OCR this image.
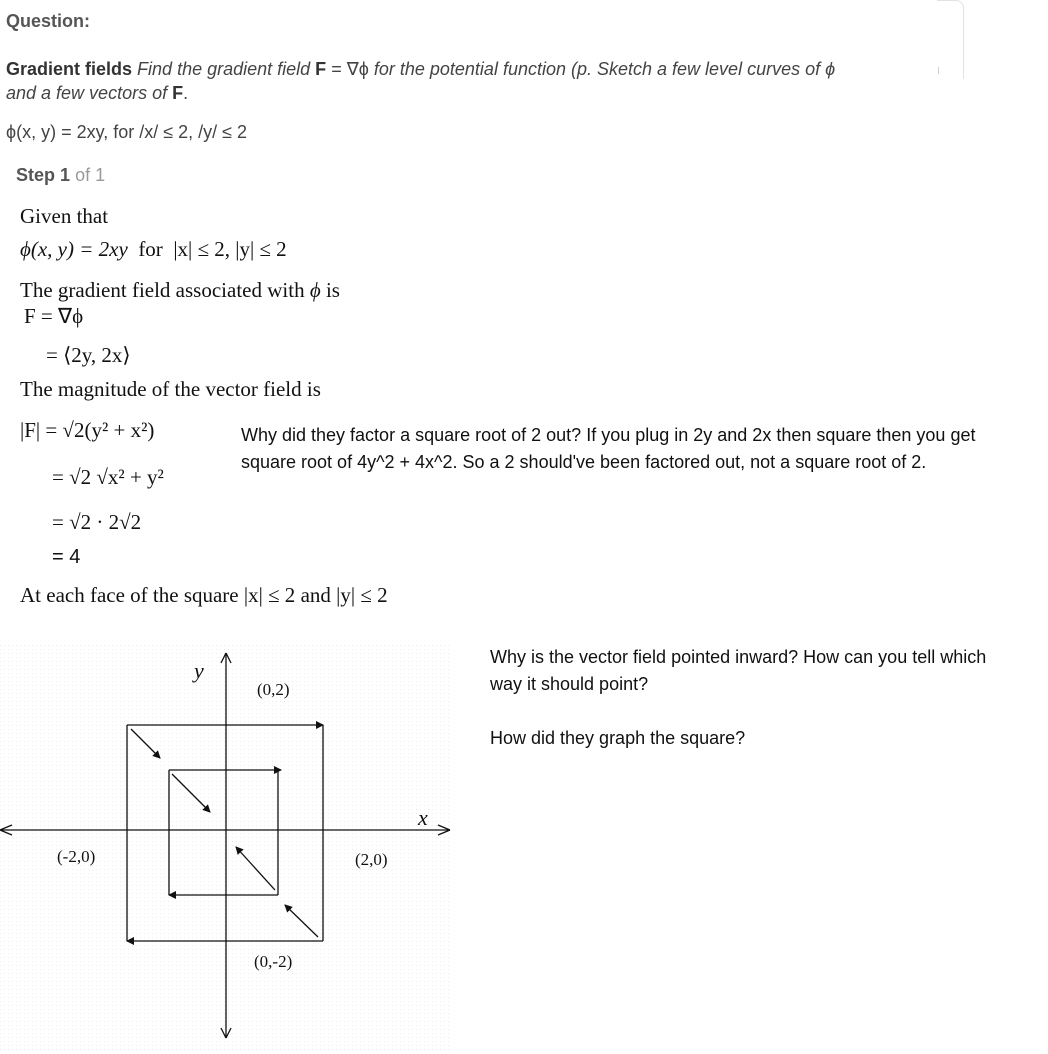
Question:
Gradient fields Find the gradient field F = ∇ϕ for the potential function (p. Sketch a few level curves of ϕ
and a few vectors of F.
ϕ(x, y) = 2xy, for /x/ ≤ 2, /y/ ≤ 2
Step 1 of 1
Given that
ϕ(x, y) = 2xy for |x| ≤ 2, |y| ≤ 2
The gradient field associated with ϕ is
F = ∇ϕ
= ⟨2y, 2x⟩
The magnitude of the vector field is
|F| = √2(y² + x²)
= √2 √x² + y²
= √2 · 2√2
= 4
At each face of the square |x| ≤ 2 and |y| ≤ 2
Why did they factor a square root of 2 out? If you plug in 2y and 2x then square then you get square root of 4y^2 + 4x^2. So a 2 should've been factored out, not a square root of 2.
Why is the vector field pointed inward? How can you tell which way it should point?
How did they graph the square?
y
x
(0,2)
(0,-2)
(-2,0)	(2,0)
